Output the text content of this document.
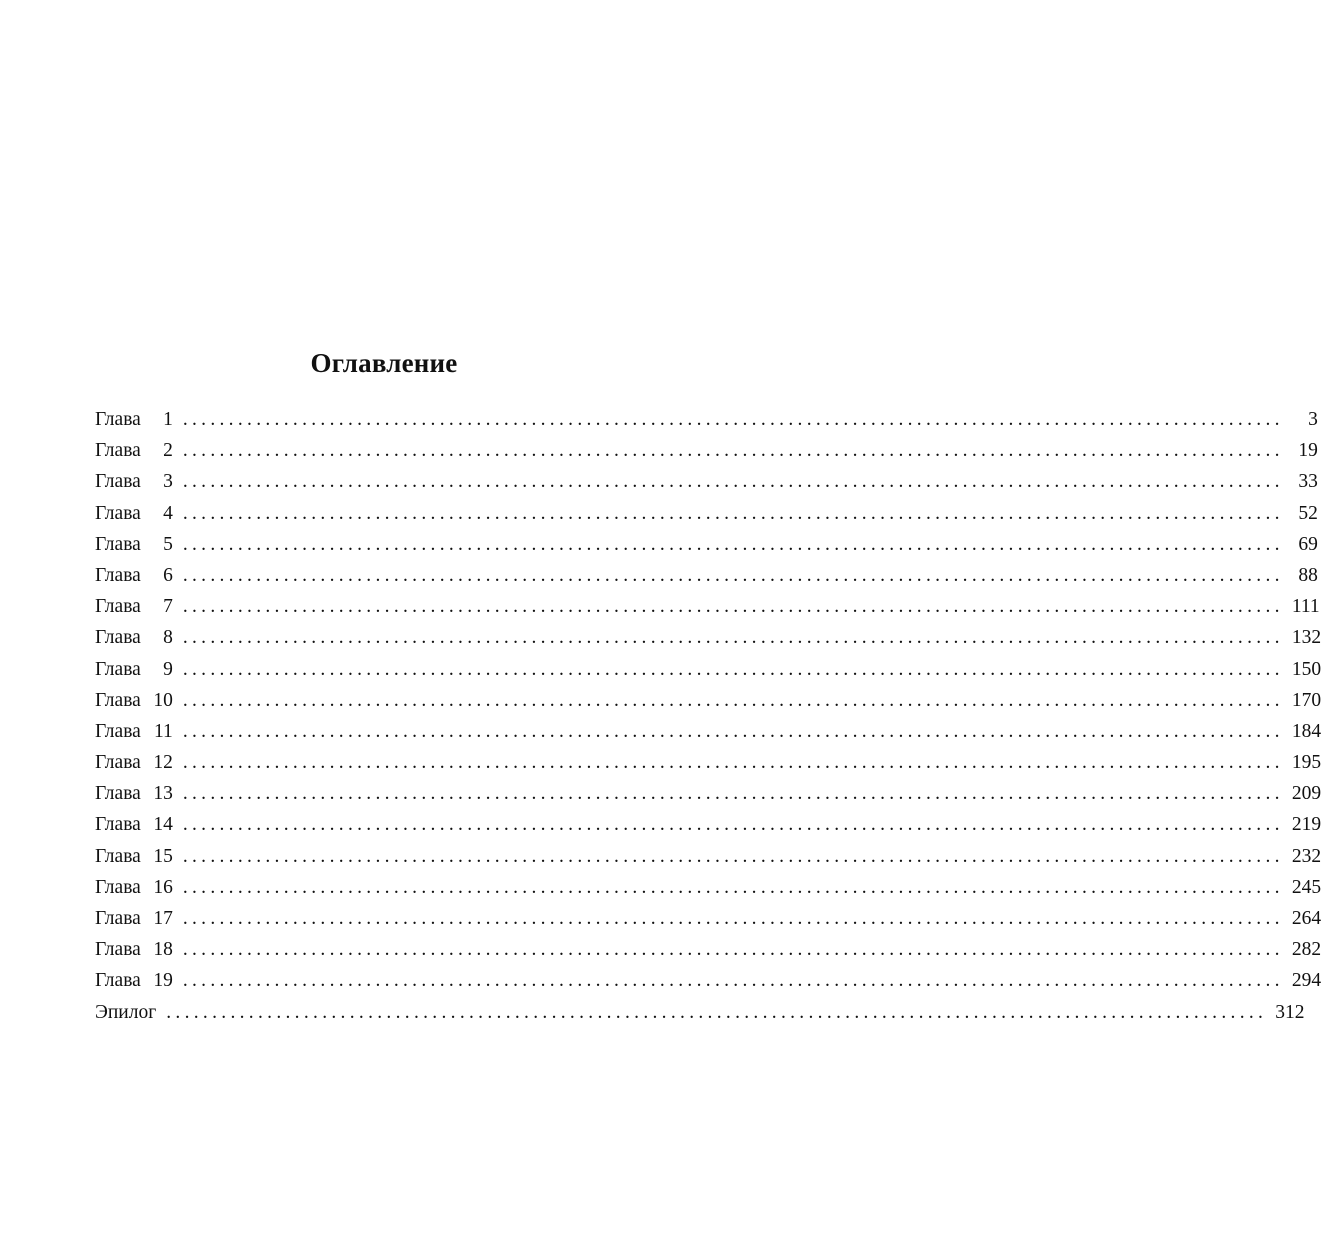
Оглавление
Глава	1 ........................................................................................................................	3
Глава	2 ........................................................................................................................ 19
Глава	3 ........................................................................................................................ 33
Глава	4 ........................................................................................................................ 52
Глава	5 ........................................................................................................................ 69
Глава	6 ........................................................................................................................ 88
Глава	7 ........................................................................................................................ 111
Глава	8 ........................................................................................................................ 132
Глава	9 ........................................................................................................................ 150
Глава 10 ........................................................................................................................ 170
Глава 11 ........................................................................................................................ 184
Глава 12 ........................................................................................................................ 195
Глава 13 ........................................................................................................................ 209
Глава 14 ........................................................................................................................ 219
Глава 15 ........................................................................................................................ 232
Глава 16 ........................................................................................................................ 245
Глава 17 ........................................................................................................................ 264
Глава 18 ........................................................................................................................ 282
Глава 19 ........................................................................................................................ 294
Эпилог ........................................................................................................................ 312
